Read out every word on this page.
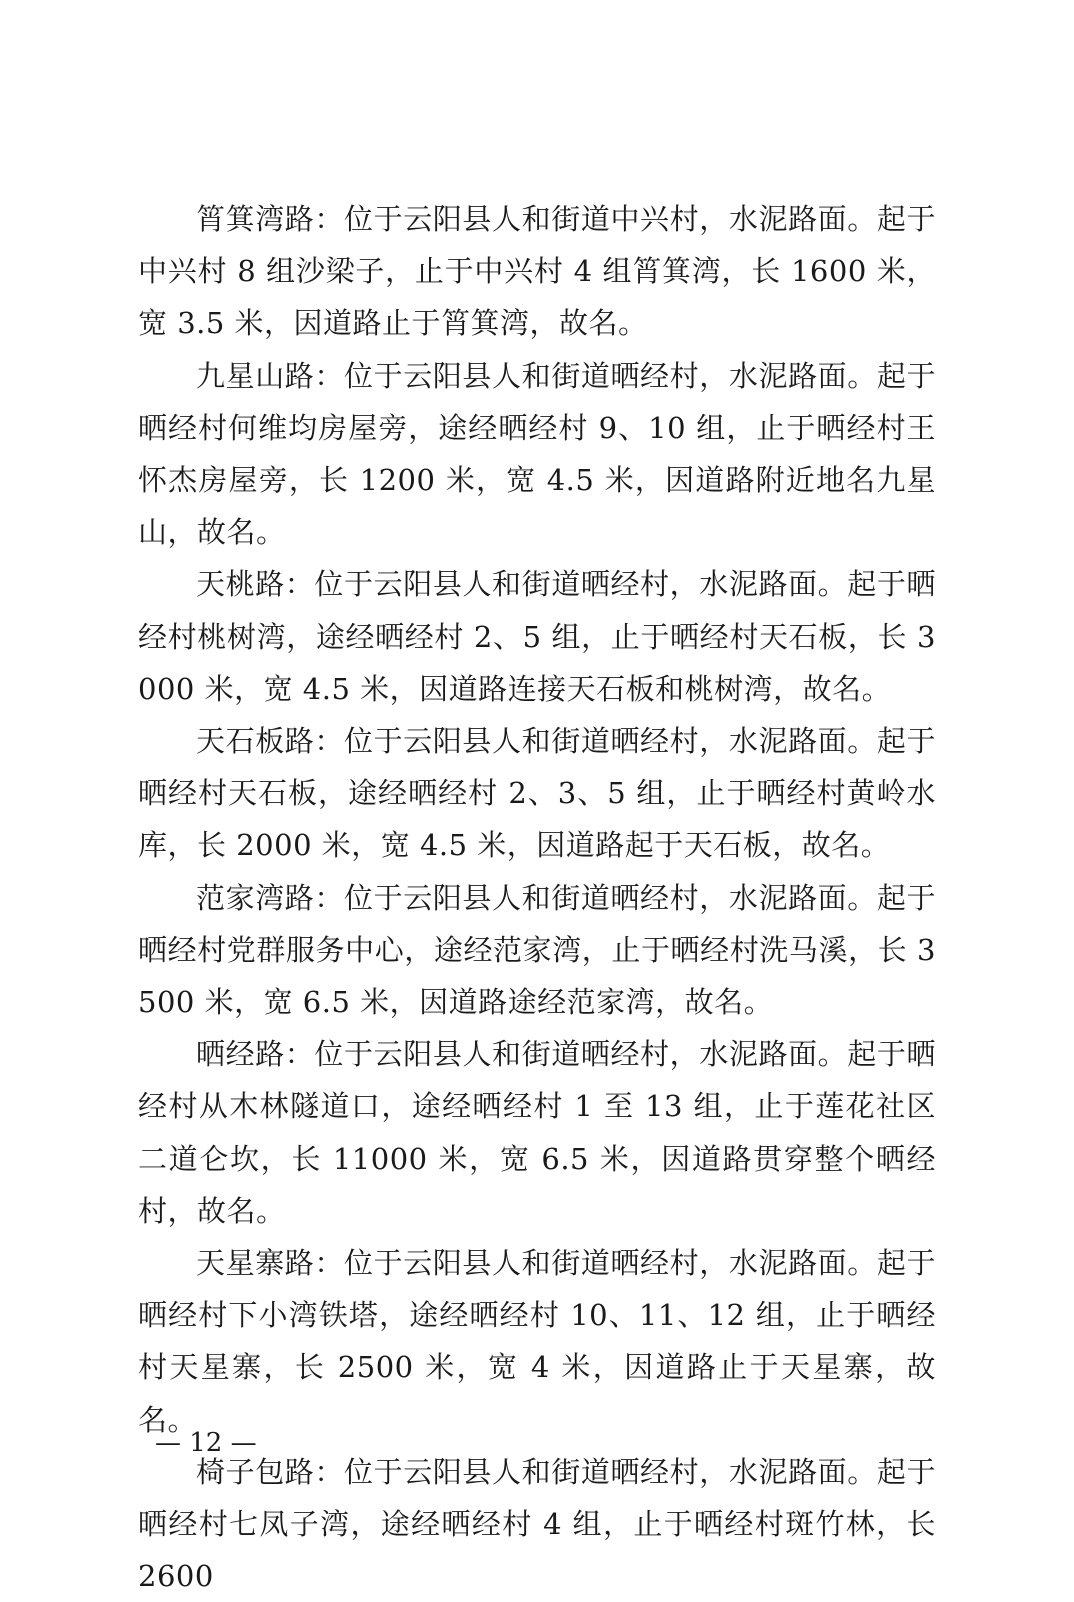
筲箕湾路：位于云阳县人和街道中兴村，水泥路面。起于中兴村 8 组沙梁子，止于中兴村 4 组筲箕湾，长 1600 米，宽 3.5 米，因道路止于筲箕湾，故名。

九星山路：位于云阳县人和街道晒经村，水泥路面。起于晒经村何维均房屋旁，途经晒经村 9、10 组，止于晒经村王怀杰房屋旁，长 1200 米，宽 4.5 米，因道路附近地名九星山，故名。

天桃路：位于云阳县人和街道晒经村，水泥路面。起于晒经村桃树湾，途经晒经村 2、5 组，止于晒经村天石板，长 3000 米，宽 4.5 米，因道路连接天石板和桃树湾，故名。

天石板路：位于云阳县人和街道晒经村，水泥路面。起于晒经村天石板，途经晒经村 2、3、5 组，止于晒经村黄岭水库，长 2000 米，宽 4.5 米，因道路起于天石板，故名。

范家湾路：位于云阳县人和街道晒经村，水泥路面。起于晒经村党群服务中心，途经范家湾，止于晒经村洗马溪，长 3500 米，宽 6.5 米，因道路途经范家湾，故名。

晒经路：位于云阳县人和街道晒经村，水泥路面。起于晒经村从木林隧道口，途经晒经村 1 至 13 组，止于莲花社区二道仑坎，长 11000 米，宽 6.5 米，因道路贯穿整个晒经村，故名。

天星寨路：位于云阳县人和街道晒经村，水泥路面。起于晒经村下小湾铁塔，途经晒经村 10、11、12 组，止于晒经村天星寨，长 2500 米，宽 4 米，因道路止于天星寨，故名。

椅子包路：位于云阳县人和街道晒经村，水泥路面。起于晒经村七凤子湾，途经晒经村 4 组，止于晒经村斑竹林，长 2600

— 12 —
